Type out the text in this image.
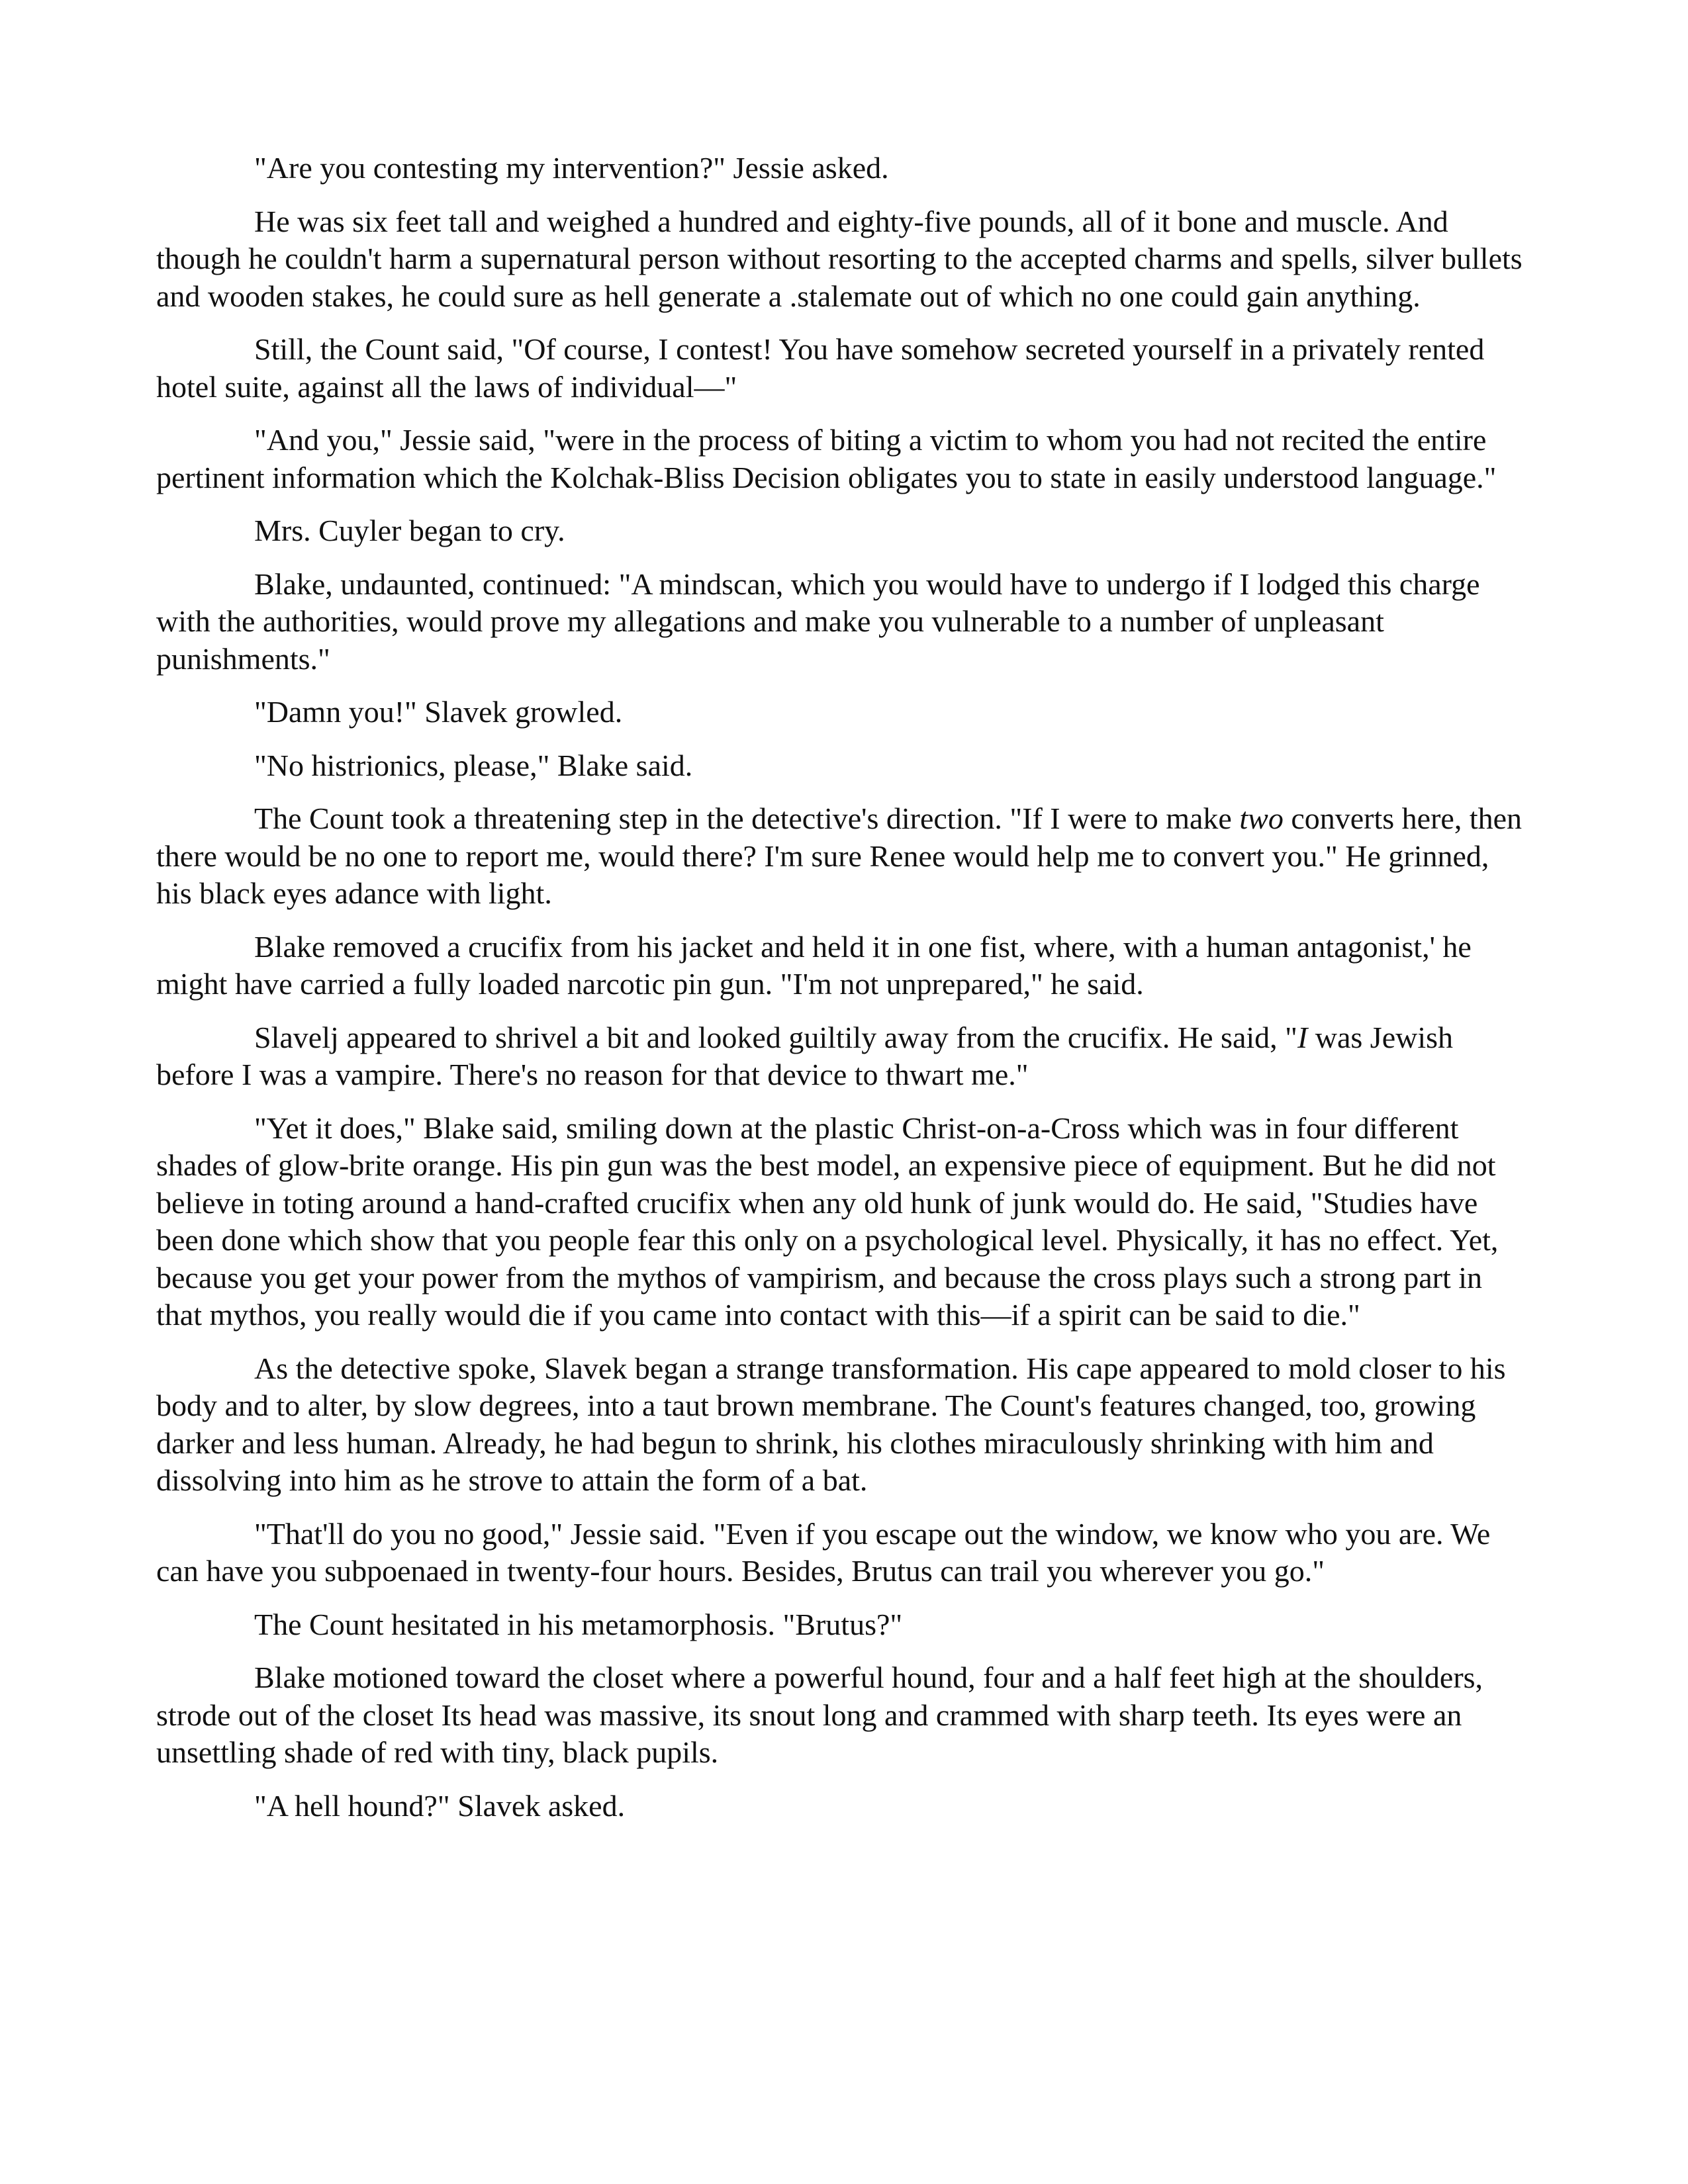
"Are you contesting my intervention?" Jessie asked.

He was six feet tall and weighed a hundred and eighty-five pounds, all of it bone and muscle. And though he couldn't harm a supernatural person without resorting to the accepted charms and spells, silver bullets and wooden stakes, he could sure as hell generate a .stalemate out of which no one could gain anything.

Still, the Count said, "Of course, I contest! You have somehow secreted yourself in a privately rented hotel suite, against all the laws of individual—"

"And you," Jessie said, "were in the process of biting a victim to whom you had not recited the entire pertinent information which the Kolchak-Bliss Decision obligates you to state in easily understood language."

Mrs. Cuyler began to cry.

Blake, undaunted, continued: "A mindscan, which you would have to undergo if I lodged this charge with the authorities, would prove my allegations and make you vulnerable to a number of unpleasant punishments."

"Damn you!" Slavek growled.

"No histrionics, please," Blake said.

The Count took a threatening step in the detective's direction. "If I were to make two converts here, then there would be no one to report me, would there? I'm sure Renee would help me to convert you." He grinned, his black eyes adance with light.

Blake removed a crucifix from his jacket and held it in one fist, where, with a human antagonist,' he might have carried a fully loaded narcotic pin gun. "I'm not unprepared," he said.

Slavelj appeared to shrivel a bit and looked guiltily away from the crucifix. He said, "I was Jewish before I was a vampire. There's no reason for that device to thwart me."

"Yet it does," Blake said, smiling down at the plastic Christ-on-a-Cross which was in four different shades of glow-brite orange. His pin gun was the best model, an expensive piece of equipment. But he did not believe in toting around a hand-crafted crucifix when any old hunk of junk would do. He said, "Studies have been done which show that you people fear this only on a psychological level. Physically, it has no effect. Yet, because you get your power from the mythos of vampirism, and because the cross plays such a strong part in that mythos, you really would die if you came into contact with this—if a spirit can be said to die."

As the detective spoke, Slavek began a strange transformation. His cape appeared to mold closer to his body and to alter, by slow degrees, into a taut brown membrane. The Count's features changed, too, growing darker and less human. Already, he had begun to shrink, his clothes miraculously shrinking with him and dissolving into him as he strove to attain the form of a bat.

"That'll do you no good," Jessie said. "Even if you escape out the window, we know who you are. We can have you subpoenaed in twenty-four hours. Besides, Brutus can trail you wherever you go."

The Count hesitated in his metamorphosis. "Brutus?"

Blake motioned toward the closet where a powerful hound, four and a half feet high at the shoulders, strode out of the closet Its head was massive, its snout long and crammed with sharp teeth. Its eyes were an unsettling shade of red with tiny, black pupils.

"A hell hound?" Slavek asked.
